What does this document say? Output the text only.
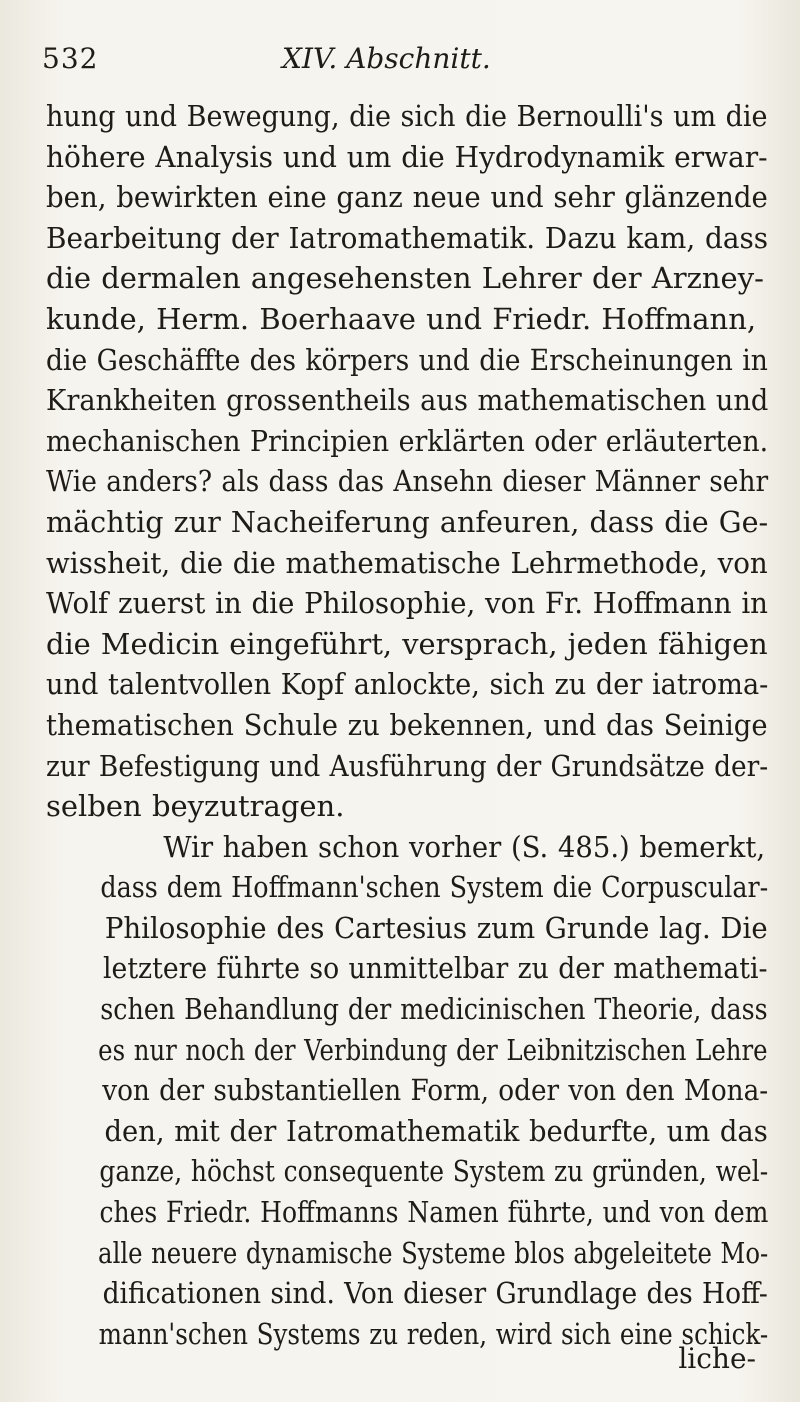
532	XIV. Abschnitt.
hung und Bewegung, die sich die Bernoulli's um die
höhere Analysis und um die Hydrodynamik erwar-
ben, bewirkten eine ganz neue und sehr glänzende
Bearbeitung der Iatromathematik. Dazu kam, dass
die dermalen angesehensten Lehrer der Arzney-
kunde, Herm. Boerhaave und Friedr. Hoffmann,
die Geschäffte des körpers und die Erscheinungen in
Krankheiten grossentheils aus mathematischen und
mechanischen Principien erklärten oder erläuterten.
Wie anders? als dass das Ansehn dieser Männer sehr
mächtig zur Nacheiferung anfeuren, dass die Ge-
wissheit, die die mathematische Lehrmethode, von
Wolf zuerst in die Philosophie, von Fr. Hoffmann in
die Medicin eingeführt, versprach, jeden fähigen
und talentvollen Kopf anlockte, sich zu der iatroma-
thematischen Schule zu bekennen, und das Seinige
zur Befestigung und Ausführung der Grundsätze der-
selben beyzutragen.
Wir haben schon vorher (S. 485.) bemerkt,
dass dem Hoffmann'schen System die Corpuscular-
Philosophie des Cartesius zum Grunde lag. Die
letztere führte so unmittelbar zu der mathemati-
schen Behandlung der medicinischen Theorie, dass
es nur noch der Verbindung der Leibnitzischen Lehre
von der substantiellen Form, oder von den Mona-
den, mit der Iatromathematik bedurfte, um das
ganze, höchst consequente System zu gründen, wel-
ches Friedr. Hoffmanns Namen führte, und von dem
alle neuere dynamische Systeme blos abgeleitete Mo-
dificationen sind. Von dieser Grundlage des Hoff-
mann'schen Systems zu reden, wird sich eine schick-
liche-
